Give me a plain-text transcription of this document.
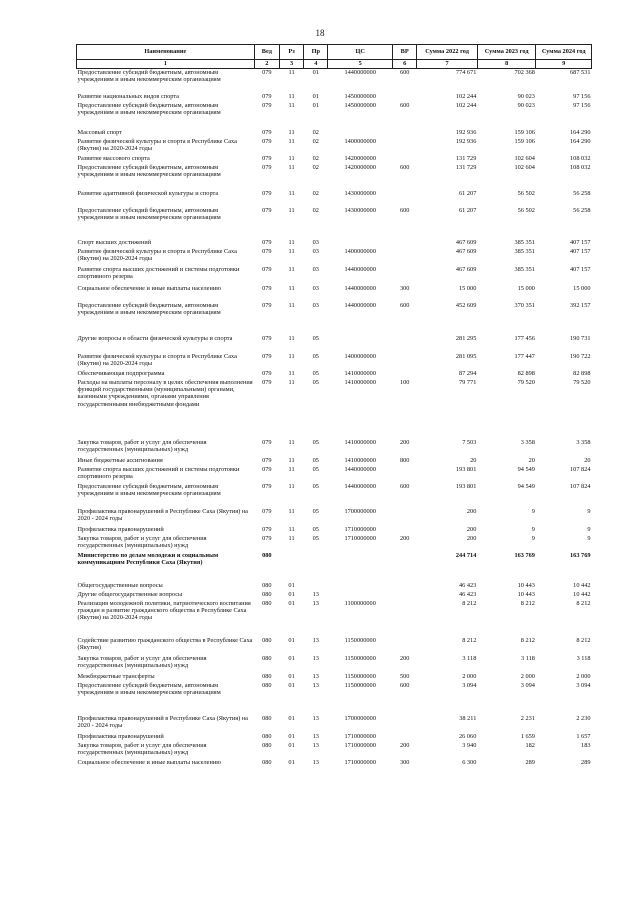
18
Наименование	Вед	Рз	Пр	ЦС	ВР	Сумма 2022 год	Сумма 2023 год	Сумма 2024 год
1	2	3	4	5	6	7	8	9
Предоставление субсидий бюджетным, автономным учреждениям и иным некоммерческим организациям	079	11	01	1440000000	600	774 671	702 368	687 531
Развитие национальных видов спорта	079	11	01	1450000000		102 244	90 023	97 156
Предоставление субсидий бюджетным, автономным учреждениям и иным некоммерческим организациям	079	11	01	1450000000	600	102 244	90 023	97 156
Массовый спорт	079	11	02			192 936	159 106	164 290
Развитие физической культуры и спорта в Республике Саха (Якутия) на 2020-2024 годы	079	11	02	1400000000		192 936	159 106	164 290
Развитие массового спорта	079	11	02	1420000000		131 729	102 604	108 032
Предоставление субсидий бюджетным, автономным учреждениям и иным некоммерческим организациям	079	11	02	1420000000	600	131 729	102 604	108 032
Развитие адаптивной физической культуры и спорта	079	11	02	1430000000		61 207	56 502	56 258
Предоставление субсидий бюджетным, автономным учреждениям и иным некоммерческим организациям	079	11	02	1430000000	600	61 207	56 502	56 258
Спорт высших достижений	079	11	03			467 609	385 351	407 157
Развитие физической культуры и спорта в Республике Саха (Якутия) на 2020-2024 годы	079	11	03	1400000000		467 609	385 351	407 157
Развитие спорта высших достижений и системы подготовки спортивного резерва	079	11	03	1440000000		467 609	385 351	407 157
Социальное обеспечение и иные выплаты населению	079	11	03	1440000000	300	15 000	15 000	15 000
Предоставление субсидий бюджетным, автономным учреждениям и иным некоммерческим организациям	079	11	03	1440000000	600	452 609	370 351	392 157
Другие вопросы в области физической культуры и спорта	079	11	05			281 295	177 456	190 731
Развитие физической культуры и спорта в Республике Саха (Якутия) на 2020-2024 годы	079	11	05	1400000000		281 095	177 447	190 722
Обеспечивающая подпрограмма	079	11	05	1410000000		87 294	82 898	82 898
Расходы на выплаты персоналу в целях обеспечения выполнения функций государственными (муниципальными) органами, казенными учреждениями, органами управления государственными внебюджетными фондами	079	11	05	1410000000	100	79 771	79 520	79 520
Закупка товаров, работ и услуг для обеспечения государственных (муниципальных) нужд	079	11	05	1410000000	200	7 503	3 358	3 358
Иные бюджетные ассигнования	079	11	05	1410000000	800	20	20	20
Развитие спорта высших достижений и системы подготовки спортивного резерва	079	11	05	1440000000		193 801	94 549	107 824
Предоставление субсидий бюджетным, автономным учреждениям и иным некоммерческим организациям	079	11	05	1440000000	600	193 801	94 549	107 824
Профилактика правонарушений в Республике Саха (Якутия) на 2020 - 2024 годы	079	11	05	1700000000		200	9	9
Профилактика правонарушений	079	11	05	1710000000		200	9	9
Закупка товаров, работ и услуг для обеспечения государственных (муниципальных) нужд	079	11	05	1710000000	200	200	9	9
Министерство по делам молодежи и социальным коммуникациям Республики Саха (Якутия)	080					244 714	163 769	163 769
Общегосударственные вопросы	080	01				46 423	10 443	10 442
Другие общегосударственные вопросы	080	01	13			46 423	10 443	10 442
Реализация молодежной политики, патриотического воспитания граждан и развитие гражданского общества в Республике Саха (Якутия) на 2020-2024 годы	080	01	13	1100000000		8 212	8 212	8 212
Содействие развитию гражданского общества в Республике Саха (Якутия)	080	01	13	1150000000		8 212	8 212	8 212
Закупка товаров, работ и услуг для обеспечения государственных (муниципальных) нужд	080	01	13	1150000000	200	3 118	3 118	3 118
Межбюджетные трансферты	080	01	13	1150000000	500	2 000	2 000	2 000
Предоставление субсидий бюджетным, автономным учреждениям и иным некоммерческим организациям	080	01	13	1150000000	600	3 094	3 094	3 094
Профилактика правонарушений в Республике Саха (Якутия) на 2020 - 2024 годы	080	01	13	1700000000		38 211	2 231	2 230
Профилактика правонарушений	080	01	13	1710000000		26 060	1 659	1 657
Закупка товаров, работ и услуг для обеспечения государственных (муниципальных) нужд	080	01	13	1710000000	200	3 940	182	183
Социальное обеспечение и иные выплаты населению	080	01	13	1710000000	300	6 300	289	289
